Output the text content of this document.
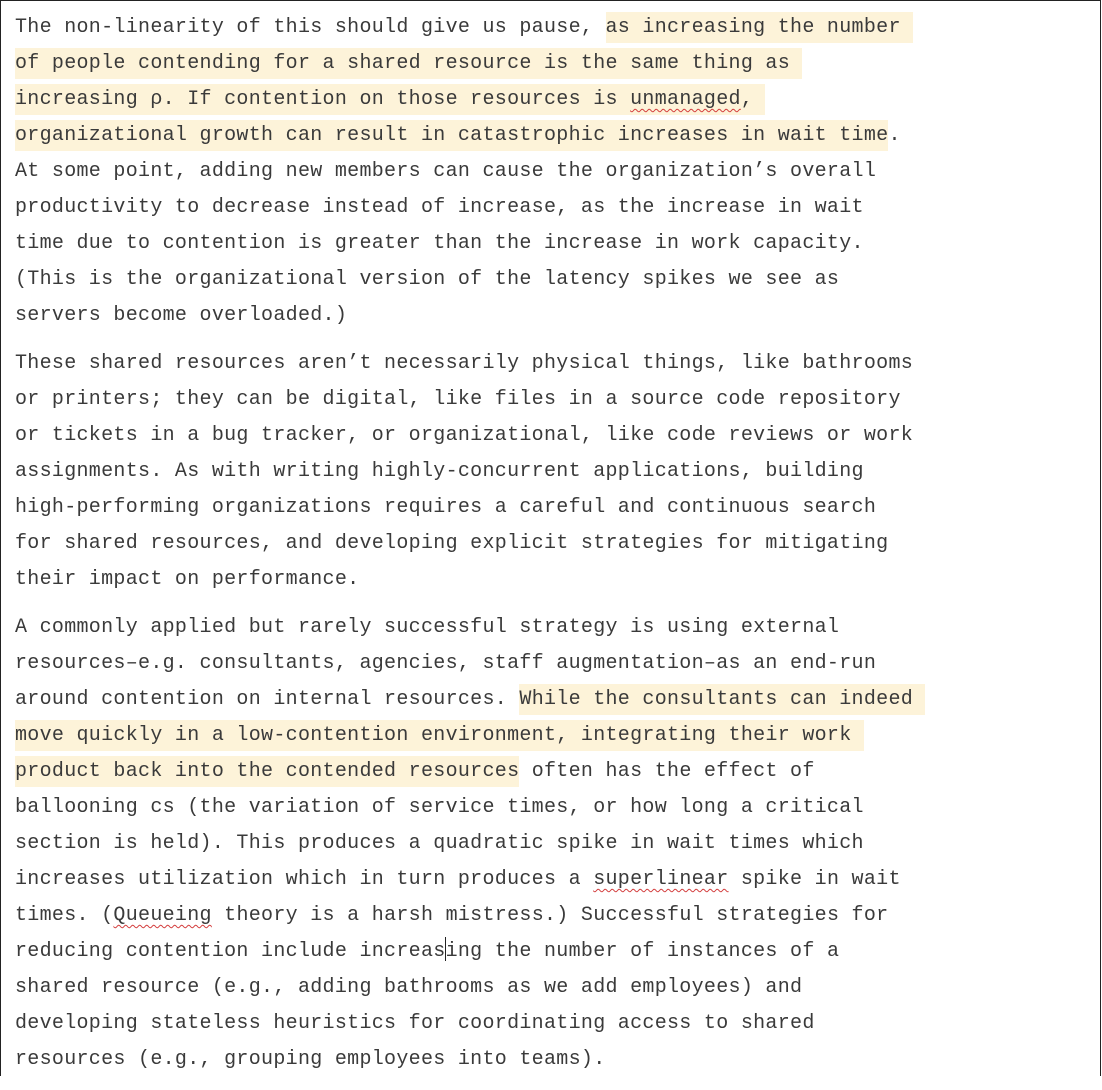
The non-linearity of this should give us pause, as increasing the number
of people contending for a shared resource is the same thing as
increasing ρ. If contention on those resources is unmanaged,
organizational growth can result in catastrophic increases in wait time.
At some point, adding new members can cause the organization’s overall
productivity to decrease instead of increase, as the increase in wait
time due to contention is greater than the increase in work capacity.
(This is the organizational version of the latency spikes we see as
servers become overloaded.)
These shared resources aren’t necessarily physical things, like bathrooms
or printers; they can be digital, like files in a source code repository
or tickets in a bug tracker, or organizational, like code reviews or work
assignments. As with writing highly-concurrent applications, building
high-performing organizations requires a careful and continuous search
for shared resources, and developing explicit strategies for mitigating
their impact on performance.
A commonly applied but rarely successful strategy is using external
resources–e.g. consultants, agencies, staff augmentation–as an end-run
around contention on internal resources. While the consultants can indeed
move quickly in a low-contention environment, integrating their work
product back into the contended resources often has the effect of
ballooning cs (the variation of service times, or how long a critical
section is held). This produces a quadratic spike in wait times which
increases utilization which in turn produces a superlinear spike in wait
times. (Queueing theory is a harsh mistress.) Successful strategies for
reducing contention include increasing the number of instances of a
shared resource (e.g., adding bathrooms as we add employees) and
developing stateless heuristics for coordinating access to shared
resources (e.g., grouping employees into teams).
